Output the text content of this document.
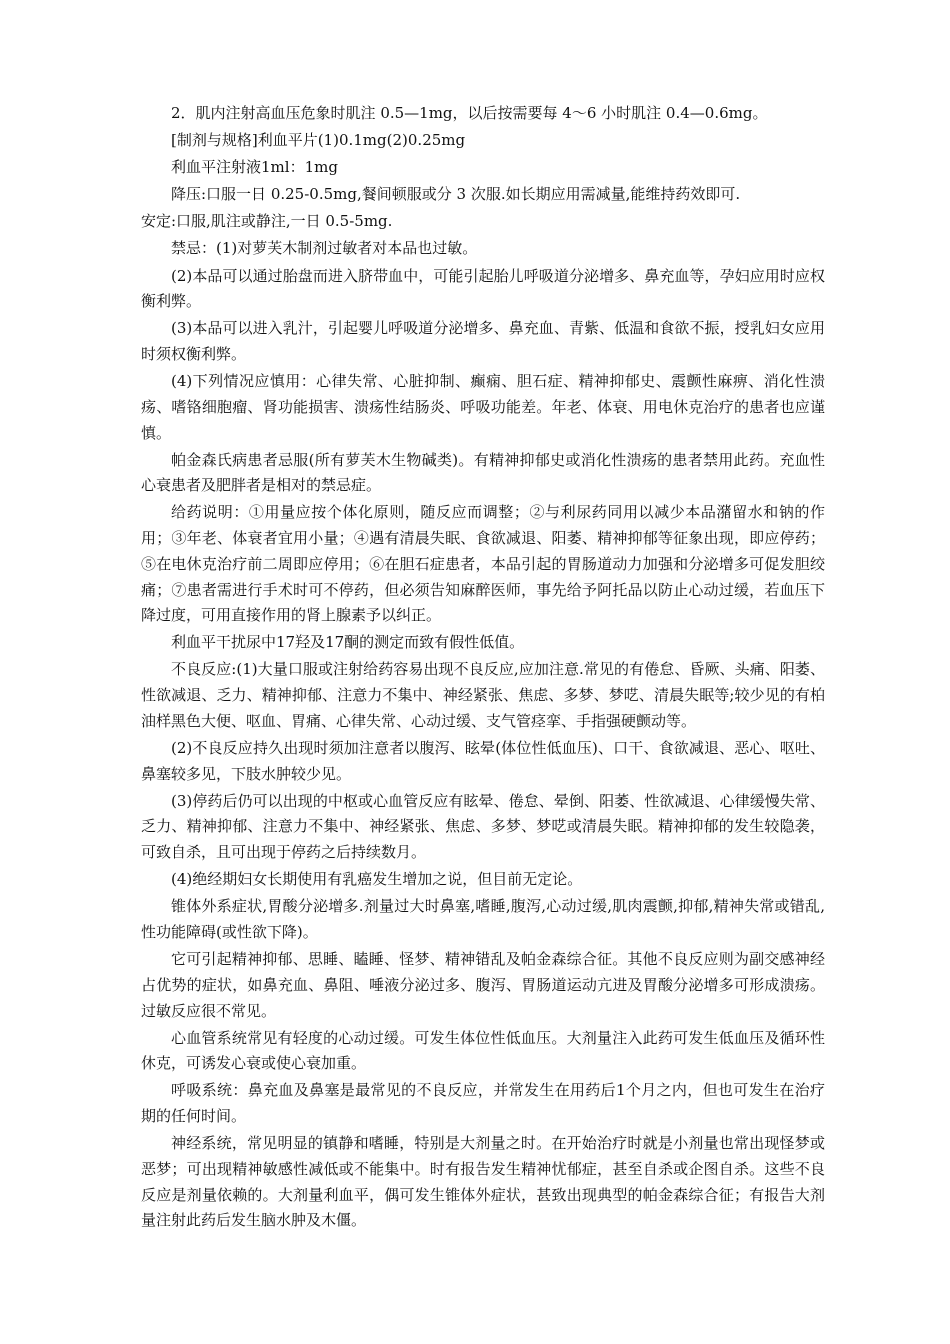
2．肌内注射高血压危象时肌注 0.5—1mg，以后按需要每 4～6 小时肌注 0.4—0.6mg。

[制剂与规格]利血平片(1)0.1mg(2)0.25mg

利血平注射液1ml：1mg

降压:口服一日 0.25-0.5mg,餐间顿服或分 3 次服.如长期应用需减量,能维持药效即可.

安定:口服,肌注或静注,一日 0.5-5mg.

禁忌：(1)对萝芙木制剂过敏者对本品也过敏。

(2)本品可以通过胎盘而进入脐带血中，可能引起胎儿呼吸道分泌增多、鼻充血等，孕妇应用时应权衡利弊。

(3)本品可以进入乳汁，引起婴儿呼吸道分泌增多、鼻充血、青紫、低温和食欲不振，授乳妇女应用时须权衡利弊。

(4)下列情况应慎用：心律失常、心脏抑制、癫痫、胆石症、精神抑郁史、震颤性麻痹、消化性溃疡、嗜铬细胞瘤、肾功能损害、溃疡性结肠炎、呼吸功能差。年老、体衰、用电休克治疗的患者也应谨慎。

帕金森氏病患者忌服(所有萝芙木生物碱类)。有精神抑郁史或消化性溃疡的患者禁用此药。充血性心衰患者及肥胖者是相对的禁忌症。

给药说明：①用量应按个体化原则，随反应而调整；②与利尿药同用以减少本品潴留水和钠的作用；③年老、体衰者宜用小量；④遇有清晨失眠、食欲减退、阳萎、精神抑郁等征象出现，即应停药；⑤在电休克治疗前二周即应停用；⑥在胆石症患者，本品引起的胃肠道动力加强和分泌增多可促发胆绞痛；⑦患者需进行手术时可不停药，但必须告知麻醉医师，事先给予阿托品以防止心动过缓，若血压下降过度，可用直接作用的肾上腺素予以纠正。

利血平干扰尿中17羟及17酮的测定而致有假性低值。

不良反应:(1)大量口服或注射给药容易出现不良反应,应加注意.常见的有倦怠、昏厥、头痛、阳萎、性欲减退、乏力、精神抑郁、注意力不集中、神经紧张、焦虑、多梦、梦呓、清晨失眠等;较少见的有柏油样黑色大便、呕血、胃痛、心律失常、心动过缓、支气管痉挛、手指强硬颤动等。

(2)不良反应持久出现时须加注意者以腹泻、眩晕(体位性低血压)、口干、食欲减退、恶心、呕吐、鼻塞较多见，下肢水肿较少见。

(3)停药后仍可以出现的中枢或心血管反应有眩晕、倦怠、晕倒、阳萎、性欲减退、心律缓慢失常、乏力、精神抑郁、注意力不集中、神经紧张、焦虑、多梦、梦呓或清晨失眠。精神抑郁的发生较隐袭，可致自杀，且可出现于停药之后持续数月。

(4)绝经期妇女长期使用有乳癌发生增加之说，但目前无定论。

锥体外系症状,胃酸分泌增多.剂量过大时鼻塞,嗜睡,腹泻,心动过缓,肌肉震颤,抑郁,精神失常或错乱,性功能障碍(或性欲下降)。

它可引起精神抑郁、思睡、瞌睡、怪梦、精神错乱及帕金森综合征。其他不良反应则为副交感神经占优势的症状，如鼻充血、鼻阻、唾液分泌过多、腹泻、胃肠道运动亢进及胃酸分泌增多可形成溃疡。过敏反应很不常见。

心血管系统常见有轻度的心动过缓。可发生体位性低血压。大剂量注入此药可发生低血压及循环性休克，可诱发心衰或使心衰加重。

呼吸系统：鼻充血及鼻塞是最常见的不良反应，并常发生在用药后1个月之内，但也可发生在治疗期的任何时间。

神经系统，常见明显的镇静和嗜睡，特别是大剂量之时。在开始治疗时就是小剂量也常出现怪梦或恶梦；可出现精神敏感性减低或不能集中。时有报告发生精神忧郁症，甚至自杀或企图自杀。这些不良反应是剂量依赖的。大剂量利血平，偶可发生锥体外症状，甚致出现典型的帕金森综合征；有报告大剂量注射此药后发生脑水肿及木僵。
